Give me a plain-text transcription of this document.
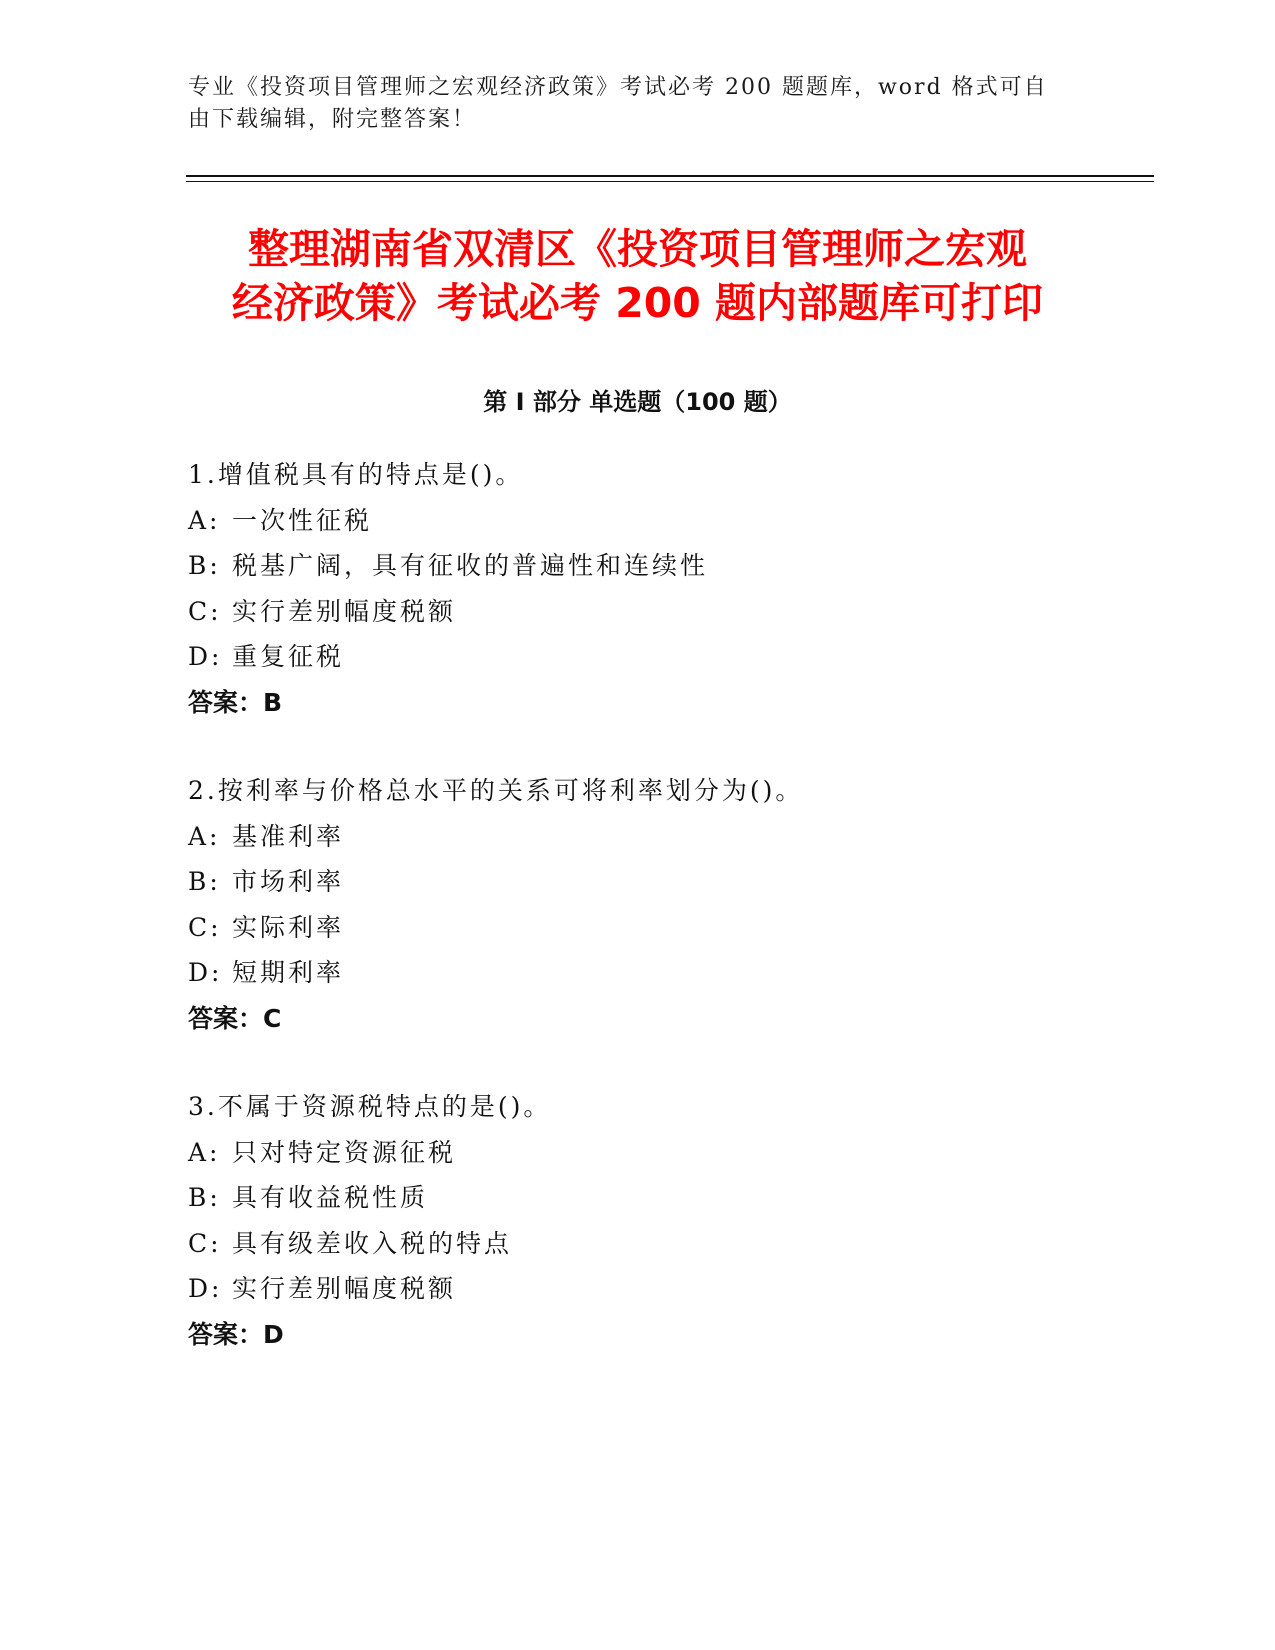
专业《投资项目管理师之宏观经济政策》考试必考 200 题题库，word 格式可自由下载编辑，附完整答案！
整理湖南省双清区《投资项目管理师之宏观
经济政策》考试必考 200 题内部题库可打印
第 I 部分 单选题（100 题）
1.增值税具有的特点是()。
A: 一次性征税
B: 税基广阔，具有征收的普遍性和连续性
C: 实行差别幅度税额
D: 重复征税
答案：B
2.按利率与价格总水平的关系可将利率划分为()。
A: 基准利率
B: 市场利率
C: 实际利率
D: 短期利率
答案：C
3.不属于资源税特点的是()。
A: 只对特定资源征税
B: 具有收益税性质
C: 具有级差收入税的特点
D: 实行差别幅度税额
答案：D
